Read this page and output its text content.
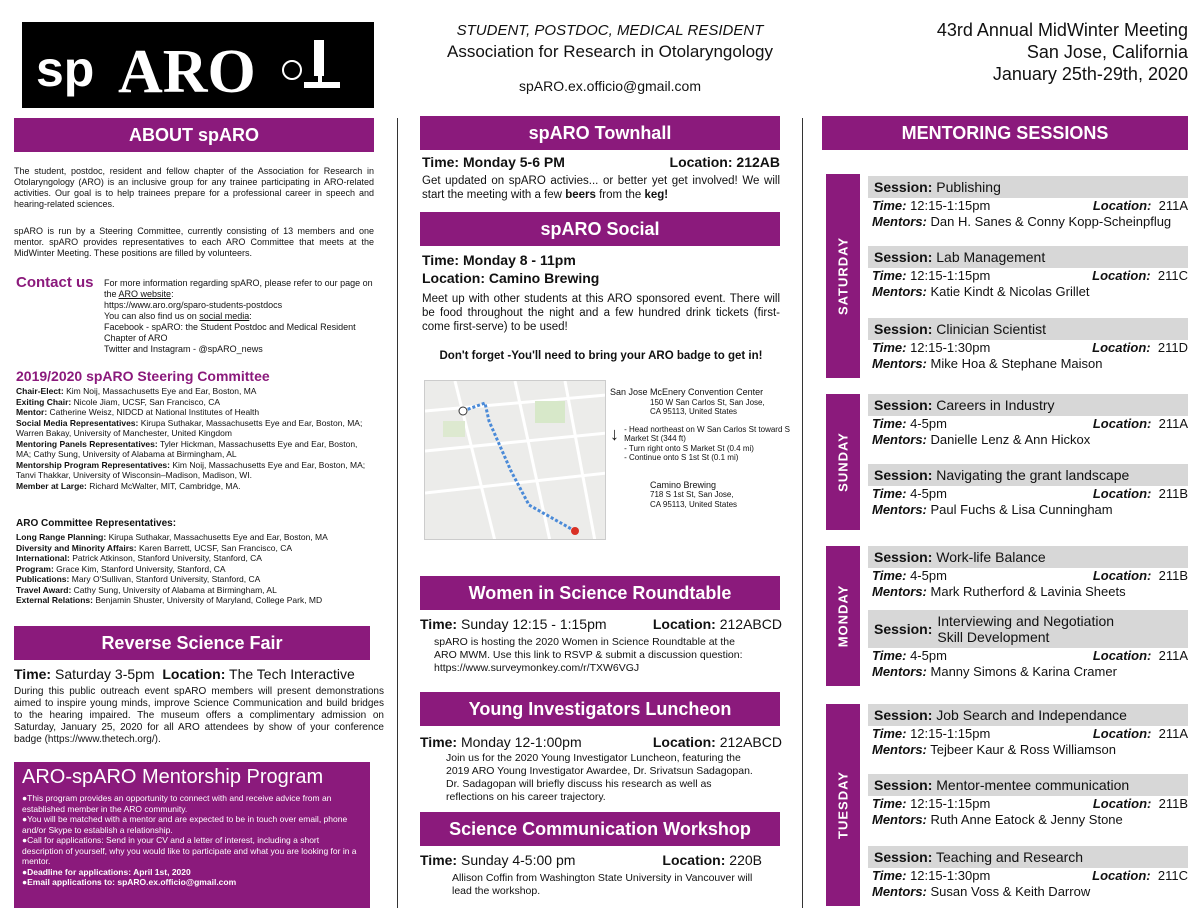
sp ARO
STUDENT, POSTDOC, MEDICAL RESIDENT
Association for Research in Otolaryngology
spARO.ex.officio@gmail.com
43rd Annual MidWinter Meeting
San Jose, California
January 25th-29th, 2020
ABOUT spARO
The student, postdoc, resident and fellow chapter of the Association for Research in Otolaryngology (ARO) is an inclusive group for any trainee participating in ARO-related activities. Our goal is to help trainees prepare for a professional career in speech and hearing-related sciences.
spARO is run by a Steering Committee, currently consisting of 13 members and one mentor. spARO provides representatives to each ARO Committee that meets at the MidWinter Meeting. These positions are filled by volunteers.
Contact us For more information regarding spARO, please refer to our page on the ARO website:
https://www.aro.org/sparo-students-postdocs
You can also find us on social media:
Facebook - spARO: the Student Postdoc and Medical Resident Chapter of ARO
Twitter and Instagram - @spARO_news
2019/2020 spARO Steering Committee
Chair-Elect: Kim Noij, Massachusetts Eye and Ear, Boston, MA
Exiting Chair: Nicole Jiam, UCSF, San Francisco, CA
Mentor: Catherine Weisz, NIDCD at National Institutes of Health
Social Media Representatives: Kirupa Suthakar, Massachusetts Eye and Ear, Boston, MA; Warren Bakay, University of Manchester, United Kingdom
Mentoring Panels Representatives: Tyler Hickman, Massachusetts Eye and Ear, Boston, MA; Cathy Sung, University of Alabama at Birmingham, AL
Mentorship Program Representatives: Kim Noij, Massachusetts Eye and Ear, Boston, MA; Tanvi Thakkar, University of Wisconsin–Madison, Madison, WI.
Member at Large: Richard McWalter, MIT, Cambridge, MA.
ARO Committee Representatives:
Long Range Planning: Kirupa Suthakar, Massachusetts Eye and Ear, Boston, MA
Diversity and Minority Affairs: Karen Barrett, UCSF, San Francisco, CA
International: Patrick Atkinson, Stanford University, Stanford, CA
Program: Grace Kim, Stanford University, Stanford, CA
Publications: Mary O'Sullivan, Stanford University, Stanford, CA
Travel Award: Cathy Sung, University of Alabama at Birmingham, AL
External Relations: Benjamin Shuster, University of Maryland, College Park, MD
Reverse Science Fair
Time: Saturday 3-5pm Location: The Tech Interactive
During this public outreach event spARO members will present demonstrations aimed to inspire young minds, improve Science Communication and build bridges to the hearing impaired. The museum offers a complimentary admission on Saturday, January 25, 2020 for all ARO attendees by show of your conference badge (https://www.thetech.org/).
ARO-spARO Mentorship Program
●This program provides an opportunity to connect with and receive advice from an established member in the ARO community.
●You will be matched with a mentor and are expected to be in touch over email, phone and/or Skype to establish a relationship.
●Call for applications: Send in your CV and a letter of interest, including a short description of yourself, why you would like to participate and what you are looking for in a mentor.
●Deadline for applications: April 1st, 2020
●Email applications to: spARO.ex.officio@gmail.com
spARO Townhall
Time: Monday 5-6 PM	Location: 212AB
Get updated on spARO activies... or better yet get involved! We will start the meeting with a few beers from the keg!
spARO Social
Time: Monday 8 - 11pm
Location: Camino Brewing
Meet up with other students at this ARO sponsored event. There will be food throughout the night and a few hundred drink tickets (first-come first-serve) to be used!
Don't forget -You'll need to bring your ARO badge to get in!
San Jose McEnery Convention Center
150 W San Carlos St, San Jose,
CA 95113, United States
↓ - Head northeast on W San Carlos St toward S Market St (344 ft)
- Turn right onto S Market St (0.4 mi)
- Continue onto S 1st St (0.1 mi)
Camino Brewing
718 S 1st St, San Jose,
CA 95113, United States
Women in Science Roundtable
Time: Sunday 12:15 - 1:15pm	Location: 212ABCD
spARO is hosting the 2020 Women in Science Roundtable at the ARO MWM. Use this link to RSVP & submit a discussion question: https://www.surveymonkey.com/r/TXW6VGJ
Young Investigators Luncheon
Time: Monday 12-1:00pm	Location: 212ABCD
Join us for the 2020 Young Investigator Luncheon, featuring the 2019 ARO Young Investigator Awardee, Dr. Srivatsun Sadagopan. Dr. Sadagopan will briefly discuss his research as well as reflections on his career trajectory.
Science Communication Workshop
Time: Sunday 4-5:00 pm	Location: 220B
Allison Coffin from Washington State University in Vancouver will lead the workshop.
MENTORING SESSIONS
SATURDAY
SUNDAY
MONDAY
TUESDAY
Session: Publishing
Time: 12:15-1:15pm	Location: 211A
Mentors: Dan H. Sanes & Conny Kopp-Scheinpflug
Session: Lab Management
Time: 12:15-1:15pm	Location: 211C
Mentors: Katie Kindt & Nicolas Grillet
Session: Clinician Scientist
Time: 12:15-1:30pm	Location: 211D
Mentors: Mike Hoa & Stephane Maison
Session: Careers in Industry
Time: 4-5pm	Location: 211A
Mentors: Danielle Lenz & Ann Hickox
Session: Navigating the grant landscape
Time: 4-5pm	Location: 211B
Mentors: Paul Fuchs & Lisa Cunningham
Session: Work-life Balance
Time: 4-5pm	Location: 211B
Mentors: Mark Rutherford & Lavinia Sheets
Session: Interviewing and Negotiation
Skill Development
Time: 4-5pm	Location: 211A
Mentors: Manny Simons & Karina Cramer
Session: Job Search and Independance
Time: 12:15-1:15pm	Location: 211A
Mentors: Tejbeer Kaur & Ross Williamson
Session: Mentor-mentee communication
Time: 12:15-1:15pm	Location: 211B
Mentors: Ruth Anne Eatock & Jenny Stone
Session: Teaching and Research
Time: 12:15-1:30pm	Location: 211C
Mentors: Susan Voss & Keith Darrow
